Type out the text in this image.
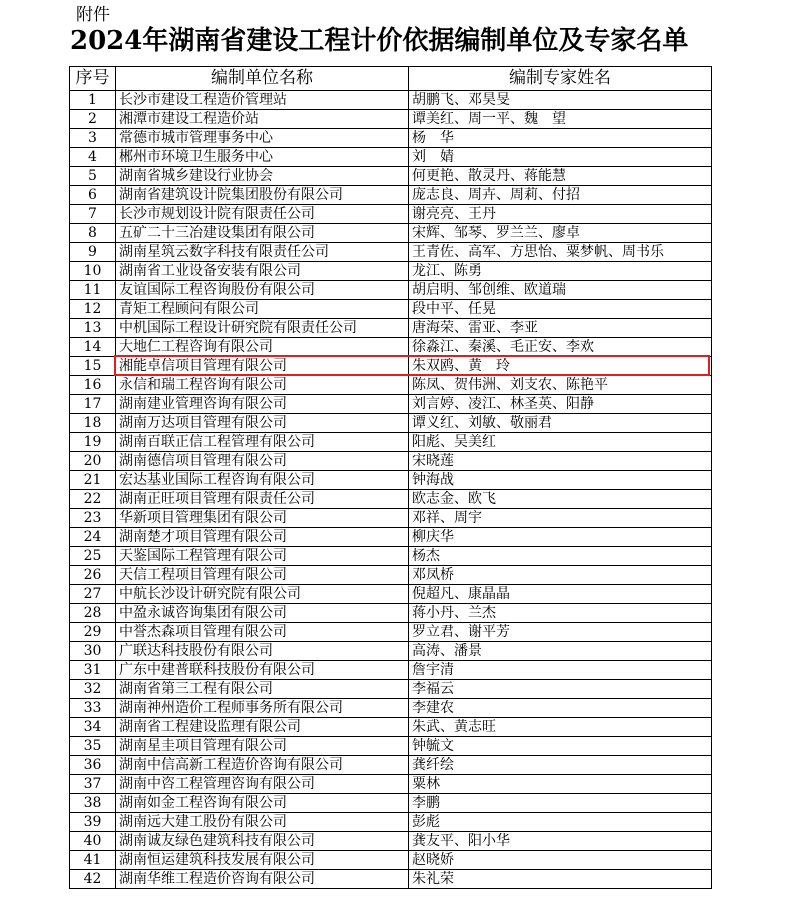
附件
2024年湖南省建设工程计价依据编制单位及专家名单
序号	编制单位名称	编制专家姓名
1	长沙市建设工程造价管理站	胡鹏飞、邓昊旻
2	湘潭市建设工程造价站	谭美红、周一平、魏　望
3	常德市城市管理事务中心	杨　华
4	郴州市环境卫生服务中心	刘　婧
5	湖南省城乡建设行业协会	何更艳、散灵丹、蒋能慧
6	湖南省建筑设计院集团股份有限公司	庞志良、周卉、周莉、付招
7	长沙市规划设计院有限责任公司	谢亮亮、王丹
8	五矿二十三冶建设集团有限公司	宋辉、邹琴、罗兰兰、廖卓
9	湖南星筑云数字科技有限责任公司	王青佐、高军、方思怡、粟梦帆、周书乐
10	湖南省工业设备安装有限公司	龙江、陈勇
11	友谊国际工程咨询股份有限公司	胡启明、邹创维、欧道瑞
12	青矩工程顾问有限公司	段中平、任晃
13	中机国际工程设计研究院有限责任公司	唐海荣、雷亚、李亚
14	大地仁工程咨询有限公司	徐淼江、秦溪、毛正安、李欢
15	湘能卓信项目管理有限公司	朱双鸥、黄　玲
16	永信和瑞工程咨询有限公司	陈凤、贺伟洲、刘支农、陈艳平
17	湖南建业管理咨询有限公司	刘言婷、凌江、林圣英、阳静
18	湖南万达项目管理有限公司	谭义红、刘敏、敬丽君
19	湖南百联正信工程管理有限公司	阳彪、吴美红
20	湖南德信项目管理有限公司	宋晓莲
21	宏达基业国际工程咨询有限公司	钟海战
22	湖南正旺项目管理有限责任公司	欧志金、欧飞
23	华新项目管理集团有限公司	邓祥、周宇
24	湖南楚才项目管理有限公司	柳庆华
25	天鉴国际工程管理有限公司	杨杰
26	天信工程项目管理有限公司	邓凤桥
27	中航长沙设计研究院有限公司	倪超凡、康晶晶
28	中盈永诚咨询集团有限公司	蒋小丹、兰杰
29	中誉杰森项目管理有限公司	罗立君、谢平芳
30	广联达科技股份有限公司	高涛、潘景
31	广东中建普联科技股份有限公司	詹宇清
32	湖南省第三工程有限公司	李福云
33	湖南神州造价工程师事务所有限公司	李建农
34	湖南省工程建设监理有限公司	朱武、黄志旺
35	湖南星圭项目管理有限公司	钟毓文
36	湖南中信高新工程造价咨询有限公司	龚纤绘
37	湖南中咨工程管理咨询有限公司	粟林
38	湖南如金工程咨询有限公司	李鹏
39	湖南远大建工股份有限公司	彭彪
40	湖南诚友绿色建筑科技有限公司	龚友平、阳小华
41	湖南恒运建筑科技发展有限公司	赵晓娇
42	湖南华维工程造价咨询有限公司	朱礼荣
